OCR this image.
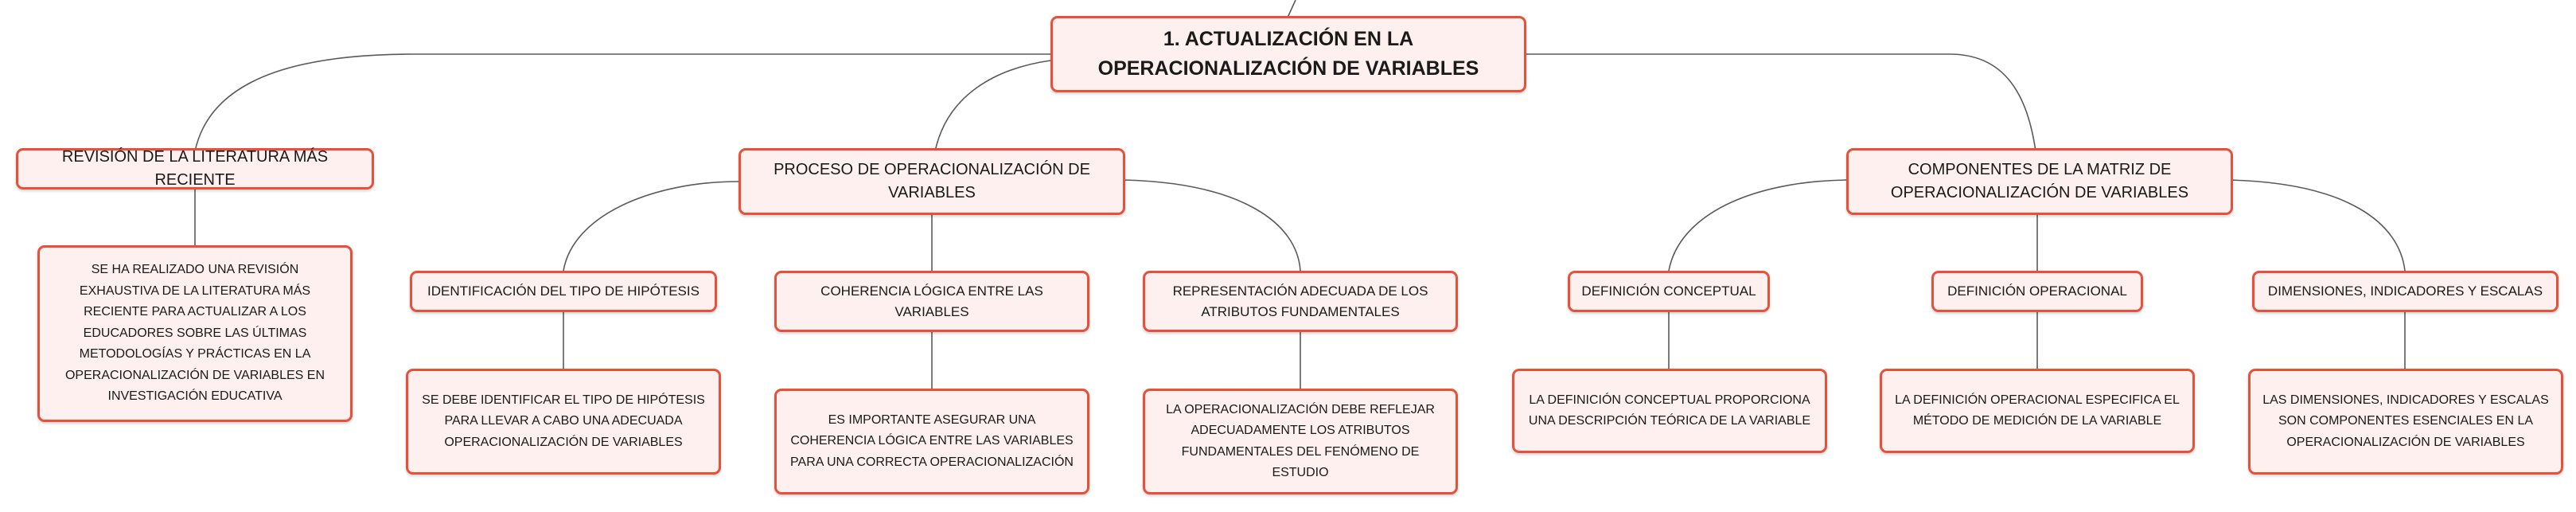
1. ACTUALIZACIÓN EN LA OPERACIONALIZACIÓN DE VARIABLES
REVISIÓN DE LA LITERATURA MÁS RECIENTE
SE HA REALIZADO UNA REVISIÓN EXHAUSTIVA DE LA LITERATURA MÁS RECIENTE PARA ACTUALIZAR A LOS EDUCADORES SOBRE LAS ÚLTIMAS METODOLOGÍAS Y PRÁCTICAS EN LA OPERACIONALIZACIÓN DE VARIABLES EN INVESTIGACIÓN EDUCATIVA
PROCESO DE OPERACIONALIZACIÓN DE VARIABLES
IDENTIFICACIÓN DEL TIPO DE HIPÓTESIS
SE DEBE IDENTIFICAR EL TIPO DE HIPÓTESIS PARA LLEVAR A CABO UNA ADECUADA OPERACIONALIZACIÓN DE VARIABLES
COHERENCIA LÓGICA ENTRE LAS VARIABLES
ES IMPORTANTE ASEGURAR UNA COHERENCIA LÓGICA ENTRE LAS VARIABLES PARA UNA CORRECTA OPERACIONALIZACIÓN
REPRESENTACIÓN ADECUADA DE LOS ATRIBUTOS FUNDAMENTALES
LA OPERACIONALIZACIÓN DEBE REFLEJAR ADECUADAMENTE LOS ATRIBUTOS FUNDAMENTALES DEL FENÓMENO DE ESTUDIO
COMPONENTES DE LA MATRIZ DE OPERACIONALIZACIÓN DE VARIABLES
DEFINICIÓN CONCEPTUAL
LA DEFINICIÓN CONCEPTUAL PROPORCIONA UNA DESCRIPCIÓN TEÓRICA DE LA VARIABLE
DEFINICIÓN OPERACIONAL
LA DEFINICIÓN OPERACIONAL ESPECIFICA EL MÉTODO DE MEDICIÓN DE LA VARIABLE
DIMENSIONES, INDICADORES Y ESCALAS
LAS DIMENSIONES, INDICADORES Y ESCALAS SON COMPONENTES ESENCIALES EN LA OPERACIONALIZACIÓN DE VARIABLES
